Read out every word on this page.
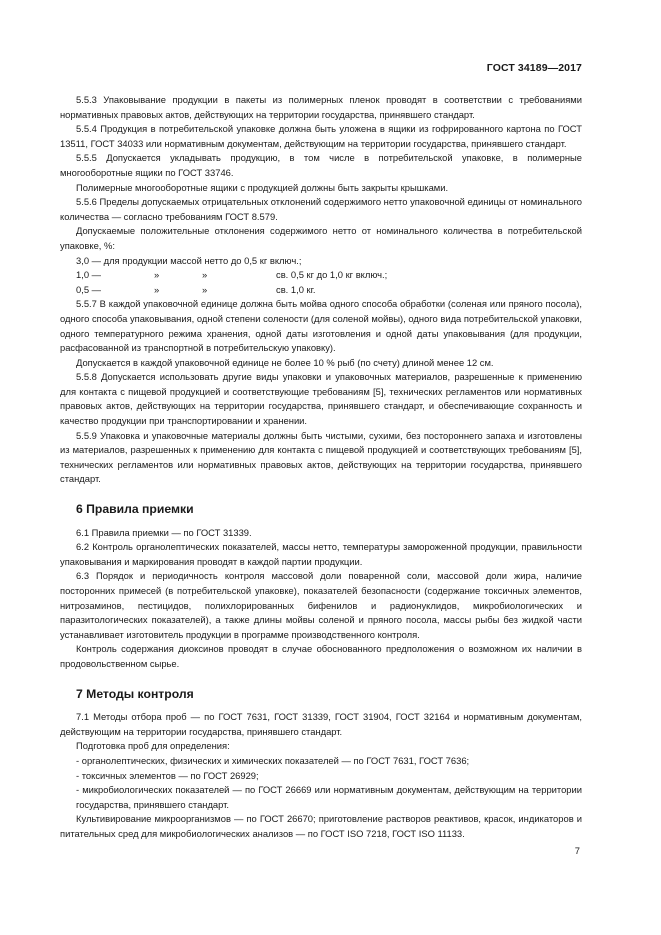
ГОСТ 34189—2017

5.5.3 Упаковывание продукции в пакеты из полимерных пленок проводят в соответствии с требованиями нормативных правовых актов, действующих на территории государства, принявшего стандарт.

5.5.4 Продукция в потребительской упаковке должна быть уложена в ящики из гофрированного картона по ГОСТ 13511, ГОСТ 34033 или нормативным документам, действующим на территории государства, принявшего стандарт.

5.5.5 Допускается укладывать продукцию, в том числе в потребительской упаковке, в полимерные многооборотные ящики по ГОСТ 33746.

Полимерные многооборотные ящики с продукцией должны быть закрыты крышками.

5.5.6 Пределы допускаемых отрицательных отклонений содержимого нетто упаковочной единицы от номинального количества — согласно требованиям ГОСТ 8.579.

Допускаемые положительные отклонения содержимого нетто от номинального количества в потребительской упаковке, %:

3,0 — для продукции массой нетто до 0,5 кг включ.;

1,0 —	»	»	св. 0,5 кг до 1,0 кг включ.;
0,5 —	»	»	св. 1,0 кг.

5.5.7 В каждой упаковочной единице должна быть мойва одного способа обработки (соленая или пряного посола), одного способа упаковывания, одной степени солености (для соленой мойвы), одного вида потребительской упаковки, одного температурного режима хранения, одной даты изготовления и одной даты упаковывания (для продукции, расфасованной из транспортной в потребительскую упаковку).

Допускается в каждой упаковочной единице не более 10 % рыб (по счету) длиной менее 12 см.

5.5.8 Допускается использовать другие виды упаковки и упаковочных материалов, разрешенные к применению для контакта с пищевой продукцией и соответствующие требованиям [5], технических регламентов или нормативных правовых актов, действующих на территории государства, принявшего стандарт, и обеспечивающие сохранность и качество продукции при транспортировании и хранении.

5.5.9 Упаковка и упаковочные материалы должны быть чистыми, сухими, без постороннего запаха и изготовлены из материалов, разрешенных к применению для контакта с пищевой продукцией и соответствующих требованиям [5], технических регламентов или нормативных правовых актов, действующих на территории государства, принявшего стандарт.

6 Правила приемки

6.1 Правила приемки — по ГОСТ 31339.

6.2 Контроль органолептических показателей, массы нетто, температуры замороженной продукции, правильности упаковывания и маркирования проводят в каждой партии продукции.

6.3 Порядок и периодичность контроля массовой доли поваренной соли, массовой доли жира, наличие посторонних примесей (в потребительской упаковке), показателей безопасности (содержание токсичных элементов, нитрозаминов, пестицидов, полихлорированных бифенилов и радионуклидов, микробиологических и паразитологических показателей), а также длины мойвы соленой и пряного посола, массы рыбы без жидкой части устанавливает изготовитель продукции в программе производственного контроля.

Контроль содержания диоксинов проводят в случае обоснованного предположения о возможном их наличии в продовольственном сырье.

7 Методы контроля

7.1 Методы отбора проб — по ГОСТ 7631, ГОСТ 31339, ГОСТ 31904, ГОСТ 32164 и нормативным документам, действующим на территории государства, принявшего стандарт.

Подготовка проб для определения:

- органолептических, физических и химических показателей — по ГОСТ 7631, ГОСТ 7636;

- токсичных элементов — по ГОСТ 26929;

- микробиологических показателей — по ГОСТ 26669 или нормативным документам, действующим на территории государства, принявшего стандарт.

Культивирование микроорганизмов — по ГОСТ 26670; приготовление растворов реактивов, красок, индикаторов и питательных сред для микробиологических анализов — по ГОСТ ISO 7218, ГОСТ ISO 11133.

7
